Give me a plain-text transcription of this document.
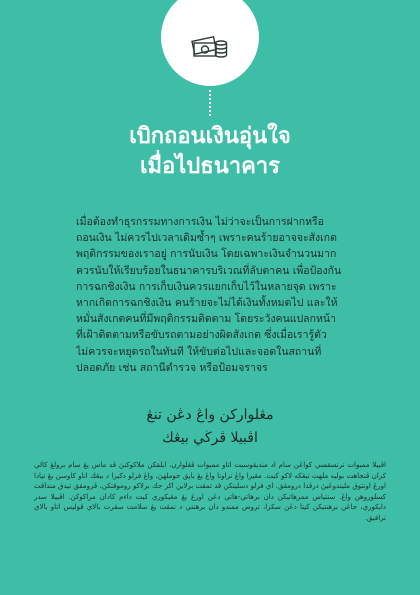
เบิกถอนเงินอุ่นใจ
เมื่อไปธนาคาร
เมื่อต้องทำธุรกรรมทางการเงิน ไม่ว่าจะเป็นการฝากหรือ
ถอนเงิน ไม่ควรไปเวลาเดิมซ้ำๆ เพราะคนร้ายอาจจะสังเกต
พฤติกรรมของเราอยู่ การนับเงิน โดยเฉพาะเงินจำนวนมาก
ควรนับให้เรียบร้อยในธนาคารบริเวณที่ลับตาคน เพื่อป้องกัน
การฉกชิงเงิน การเก็บเงินควรแยกเก็บไว้ในหลายจุด เพราะ
หากเกิดการฉกชิงเงิน คนร้ายจะไม่ได้เงินทั้งหมดไป และให้
หมั่นสังเกตคนที่มีพฤติกรรมติดตาม โดยระวังคนแปลกหน้า
ที่เฝ้าติดตามหรือขับรถตามอย่างผิดสังเกต ซึ่งเมื่อเรารู้ตัว
ไม่ควรจะหยุดรถในทันที ให้ขับต่อไปและจอดในสถานที่
ปลอดภัย เช่น สถานีตำรวจ หรือป้อมจราจร
مڠلواركن واڠ دڠن تنڠ
اڤبيلا ڤرڬي بيڠك
اڤبيلا ممبوات ترنسقسي كواڠن سام اد منديڤوسيت اتاو ممبوات ڤڠلوارن، ايلقكن ملاكوكنڽ ڤد ماس يڠ سام برولڠ كالي كران ڤنجاهت بوليه ملهت تيڠكه لاكو كيت. مڠيرا واڠ تراوتا واڠ يڠ باڽق جوملهڽ، واڠ فرلو دكيرا د بيڠك اتاو كاوسن يڠ تيادا اورڠ اونتوق مليندوڠيڽ درڤدا درومڤق. اي فرلو دسليتكن قد تمڤت برلاين اڬر جك برلاكو روموقتكن، ڤرومڤق تيدق منداڤت كسلوروهن واڠ. سنتياس ممرهاتيكن دان برهاتي-هاتي دڠن اورڠ يڠ مڠيكوري كيت داءم كادان مراكوكڽ. اڤبيلا سدر دايكوري، جاڠن برهنتيكن كيتا دڠن سكرا، تروس ممندو دان برهنتي د تمڤت يڠ سلامت سڤرت بالاي ڤوليس اتاو بالاي ترافيق.
